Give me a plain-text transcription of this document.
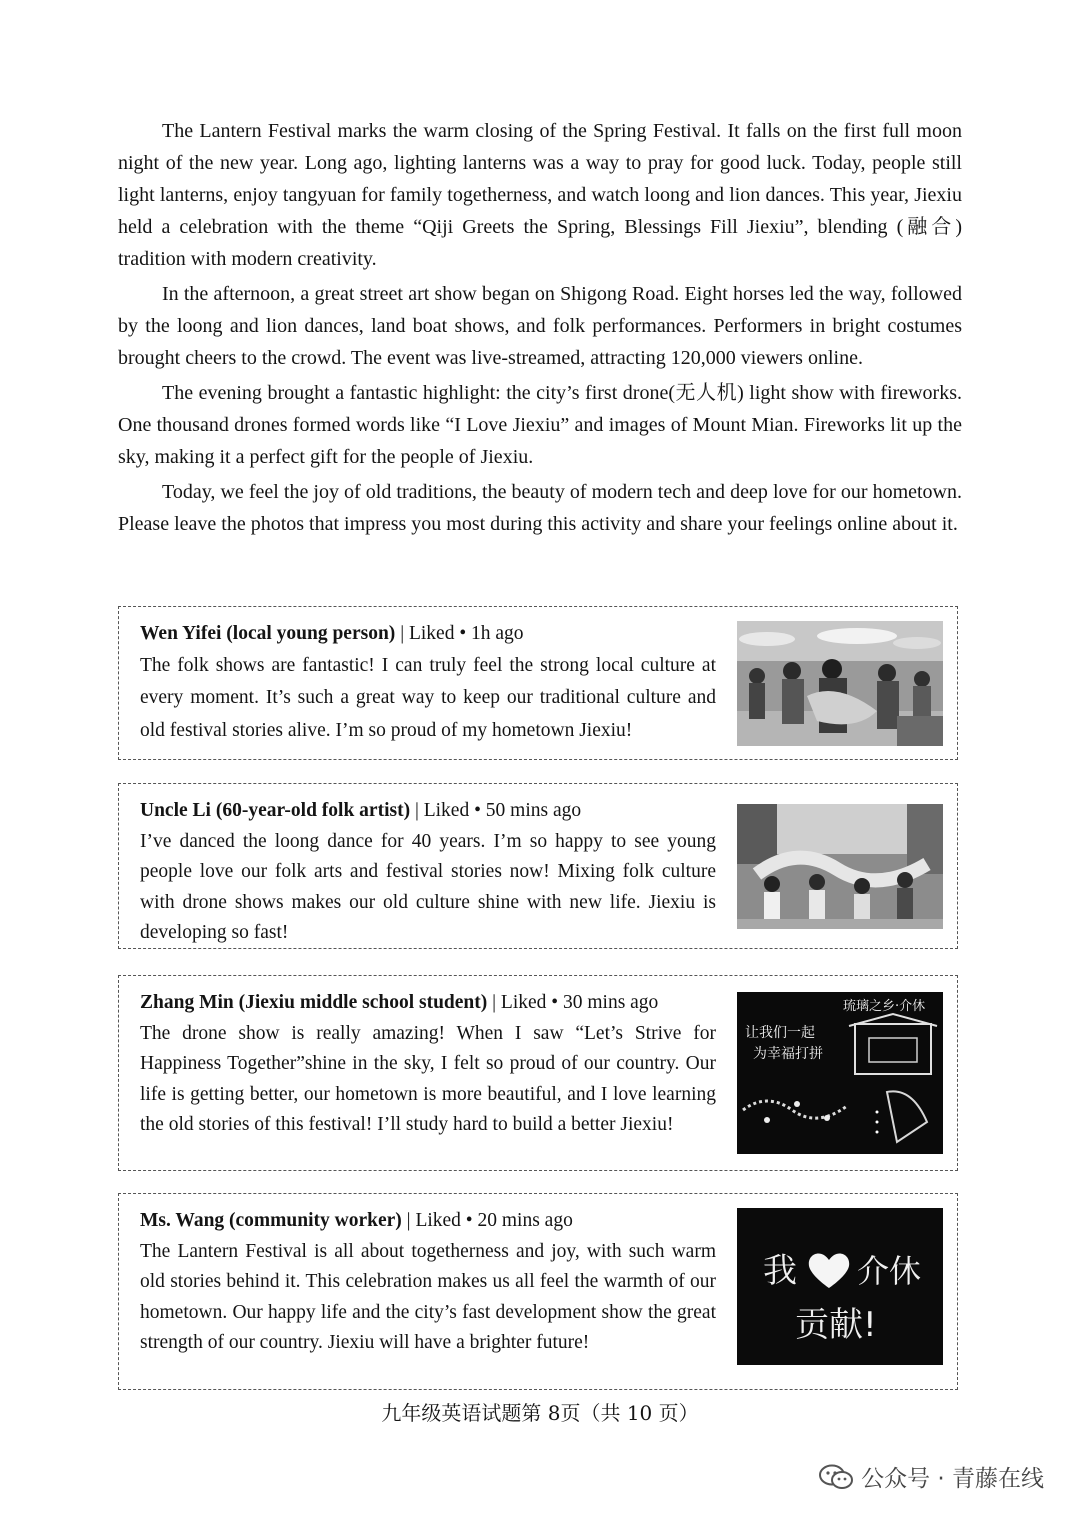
The Lantern Festival marks the warm closing of the Spring Festival. It falls on the first full moon night of the new year. Long ago, lighting lanterns was a way to pray for good luck. Today, people still light lanterns, enjoy tangyuan for family togetherness, and watch loong and lion dances. This year, Jiexiu held a celebration with the theme “Qiji Greets the Spring, Blessings Fill Jiexiu”, blending (融合) tradition with modern creativity.

In the afternoon, a great street art show began on Shigong Road. Eight horses led the way, followed by the loong and lion dances, land boat shows, and folk performances. Performers in bright costumes brought cheers to the crowd. The event was live-streamed, attracting 120,000 viewers online.

The evening brought a fantastic highlight: the city’s first drone(无人机) light show with fireworks. One thousand drones formed words like “I Love Jiexiu” and images of Mount Mian. Fireworks lit up the sky, making it a perfect gift for the people of Jiexiu.

Today, we feel the joy of old traditions, the beauty of modern tech and deep love for our hometown. Please leave the photos that impress you most during this activity and share your feelings online about it.

Wen Yifei (local young person) | Liked • 1h ago

The folk shows are fantastic! I can truly feel the strong local culture at every moment. It’s such a great way to keep our traditional culture and old festival stories alive. I’m so proud of my hometown Jiexiu!

Uncle Li (60-year-old folk artist) | Liked • 50 mins ago

I’ve danced the loong dance for 40 years. I’m so happy to see young people love our folk arts and festival stories now! Mixing folk culture with drone shows makes our old culture shine with new life. Jiexiu is developing so fast!

Zhang Min (Jiexiu middle school student) | Liked • 30 mins ago

The drone show is really amazing! When I saw “Let’s Strive for Happiness Together”shine in the sky, I felt so proud of our country. Our life is getting better, our hometown is more beautiful, and I love learning the old stories of this festival! I’ll study hard to build a better Jiexiu!

让我们一起
为幸福打拼
琉璃之乡·介休
Ms. Wang (community worker) | Liked • 20 mins ago

The Lantern Festival is all about togetherness and joy, with such warm old stories behind it. This celebration makes us all feel the warmth of our hometown. Our happy life and the city’s fast development show the great strength of our country. Jiexiu will have a brighter future!

我 介休
贡献!
九年级英语试题第 8页（共 10 页）
公众号 · 青藤在线
